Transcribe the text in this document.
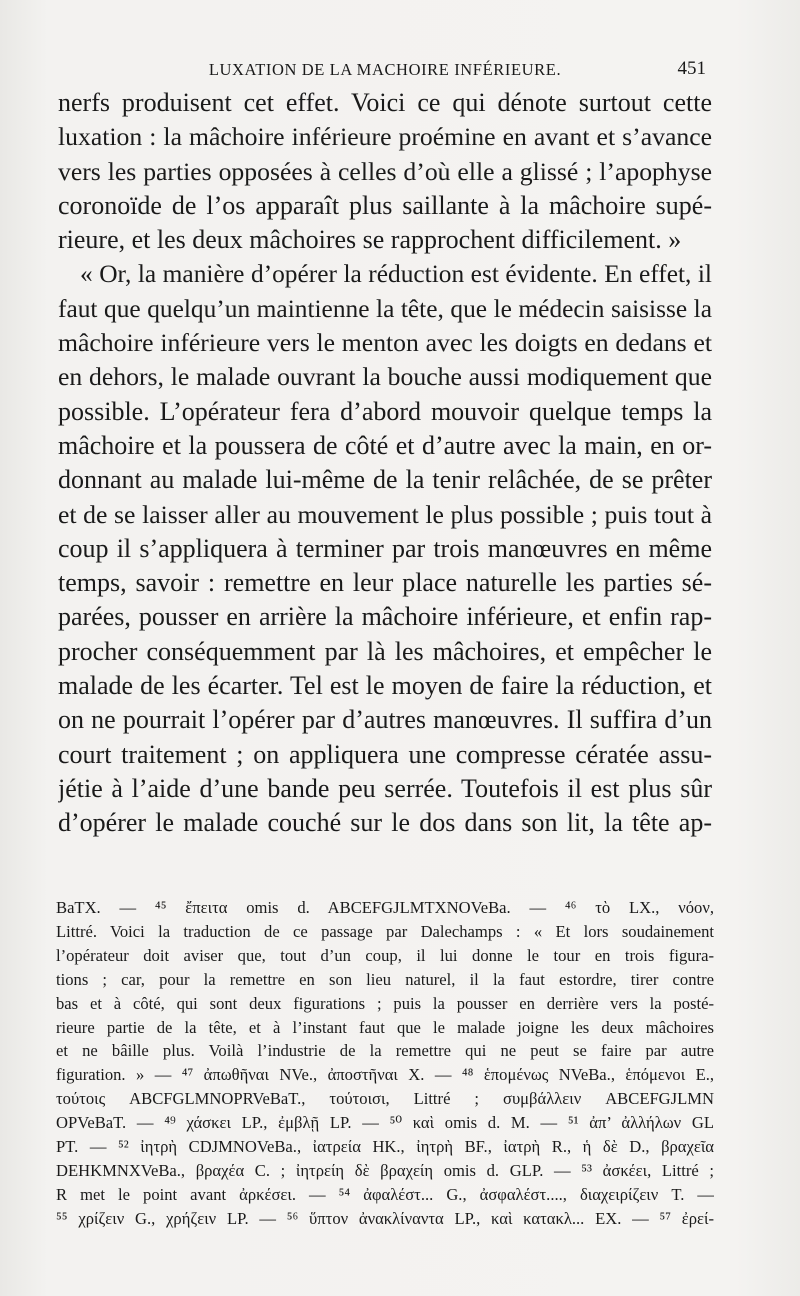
LUXATION DE LA MACHOIRE INFÉRIEURE.	451
nerfs produisent cet effet. Voici ce qui dénote surtout cette
luxation : la mâchoire inférieure proémine en avant et s’avance
vers les parties opposées à celles d’où elle a glissé ; l’apophyse
coronoïde de l’os apparaît plus saillante à la mâchoire supé-
rieure, et les deux mâchoires se rapprochent difficilement. »
« Or, la manière d’opérer la réduction est évidente. En effet, il
faut que quelqu’un maintienne la tête, que le médecin saisisse la
mâchoire inférieure vers le menton avec les doigts en dedans et
en dehors, le malade ouvrant la bouche aussi modiquement que
possible. L’opérateur fera d’abord mouvoir quelque temps la
mâchoire et la poussera de côté et d’autre avec la main, en or-
donnant au malade lui-même de la tenir relâchée, de se prêter
et de se laisser aller au mouvement le plus possible ; puis tout à
coup il s’appliquera à terminer par trois manœuvres en même
temps, savoir : remettre en leur place naturelle les parties sé-
parées, pousser en arrière la mâchoire inférieure, et enfin rap-
procher conséquemment par là les mâchoires, et empêcher le
malade de les écarter. Tel est le moyen de faire la réduction, et
on ne pourrait l’opérer par d’autres manœuvres. Il suffira d’un
court traitement ; on appliquera une compresse cératée assu-
jétie à l’aide d’une bande peu serrée. Toutefois il est plus sûr
d’opérer le malade couché sur le dos dans son lit, la tête ap-
BaTX. — ⁴⁵ ἔπειτα omis d. ABCEFGJLMTXNOVeBa. — ⁴⁶ τὸ LX., νόον,
Littré. Voici la traduction de ce passage par Dalechamps : « Et lors soudainement
l’opérateur doit aviser que, tout d’un coup, il lui donne le tour en trois figura-
tions ; car, pour la remettre en son lieu naturel, il la faut estordre, tirer contre
bas et à côté, qui sont deux figurations ; puis la pousser en derrière vers la posté-
rieure partie de la tête, et à l’instant faut que le malade joigne les deux mâchoires
et ne bâille plus. Voilà l’industrie de la remettre qui ne peut se faire par autre
figuration. » — ⁴⁷ ἀπωθῆναι NVe., ἀποστῆναι X. — ⁴⁸ ἑπομένως NVeBa., ἑπόμενοι E.,
τούτοις ABCFGLMNOPRVeBaT., τούτοισι, Littré ; συμβάλλειν ABCEFGJLMN
OPVeBaT. — ⁴⁹ χάσκει LP., ἐμβλῇ LP. — ⁵⁰ καὶ omis d. M. — ⁵¹ ἀπ’ ἀλλήλων GL
PT. — ⁵² ἰητρὴ CDJMNOVeBa., ἰατρεία HK., ἰητρὴ BF., ἰατρὴ R., ἡ δὲ D., βραχεῖα
DEHKMNXVeBa., βραχέα C. ; ἰητρείη δὲ βραχείη omis d. GLP. — ⁵³ ἀσκέει, Littré ;
R met le point avant ἀρκέσει. — ⁵⁴ ἀφαλέστ... G., ἀσφαλέστ...., διαχειρίζειν T. —
⁵⁵ χρίζειν G., χρήζειν LP. — ⁵⁶ ὕπτον ἀνακλίναντα LP., καὶ κατακλ... EX. — ⁵⁷ ἐρεί-
